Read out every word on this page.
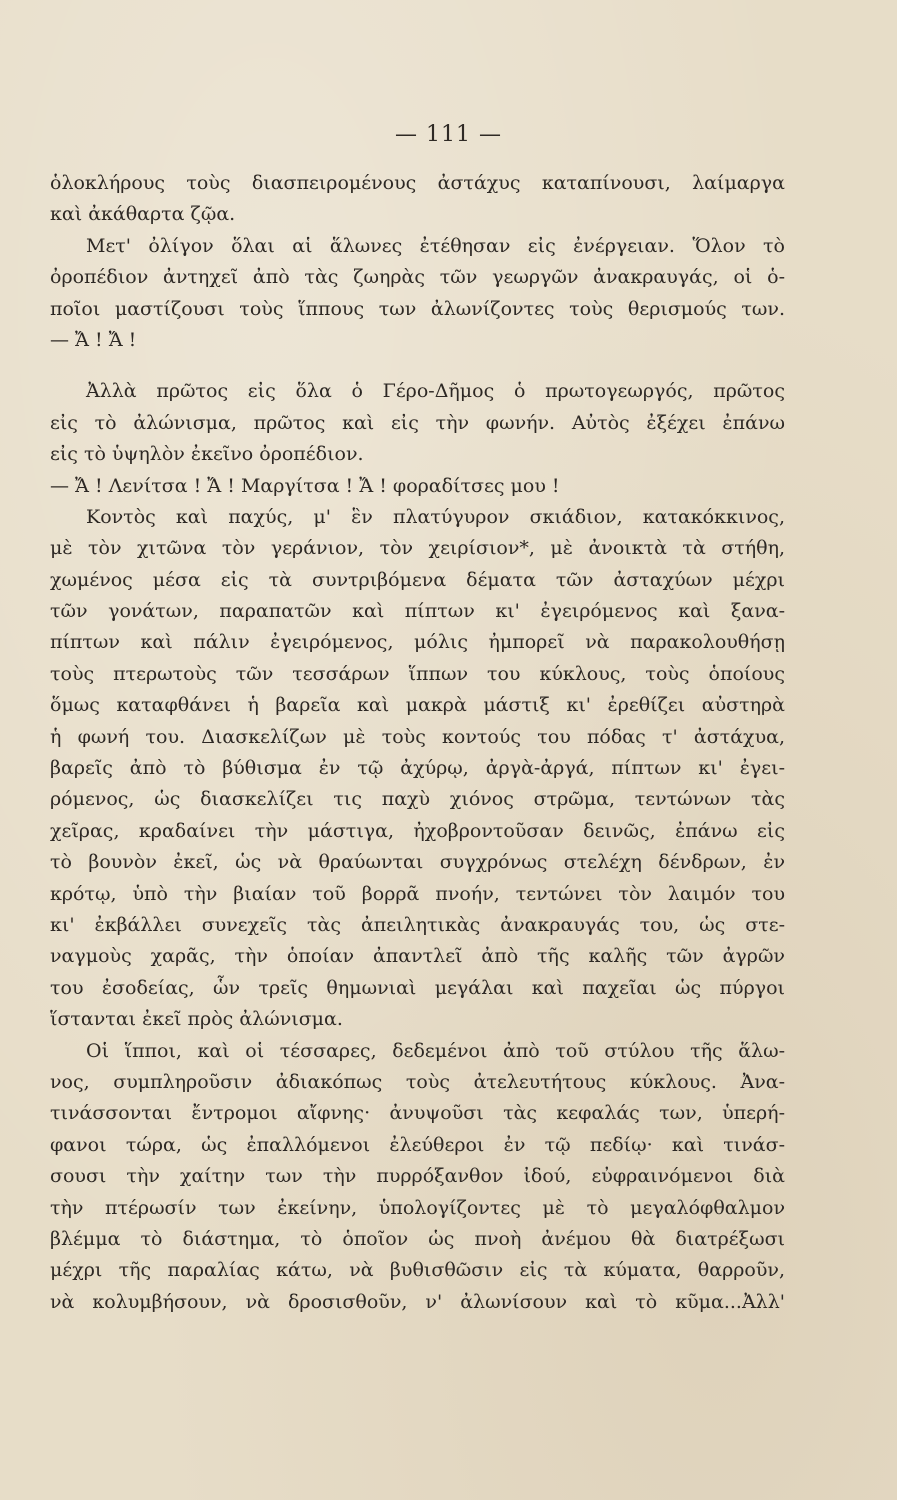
— 111 —
ὁλοκλήρους τοὺς διασπειρομένους ἀστάχυς καταπίνουσι, λαίμαργα
καὶ ἀκάθαρτα ζῷα.
Μετ' ὀλίγον ὅλαι αἱ ἅλωνες ἐτέθησαν εἰς ἐνέργειαν. Ὅλον τὸ
ὀροπέδιον ἀντηχεῖ ἀπὸ τὰς ζωηρὰς τῶν γεωργῶν ἀνακραυγάς, οἱ ὁ-
ποῖοι μαστίζουσι τοὺς ἵππους των ἀλωνίζοντες τοὺς θερισμούς των.
— Ἄ ! Ἄ !
Ἀλλὰ πρῶτος εἰς ὅλα ὁ Γέρο-Δῆμος ὁ πρωτογεωργός, πρῶτος
εἰς τὸ ἀλώνισμα, πρῶτος καὶ εἰς τὴν φωνήν. Αὐτὸς ἐξέχει ἐπάνω
εἰς τὸ ὑψηλὸν ἐκεῖνο ὀροπέδιον.
— Ἄ ! Λενίτσα ! Ἄ ! Μαργίτσα ! Ἄ ! φοραδίτσες μου !
Κοντὸς καὶ παχύς, μ' ἓν πλατύγυρον σκιάδιον, κατακόκκινος,
μὲ τὸν χιτῶνα τὸν γεράνιον, τὸν χειρίσιον*, μὲ ἀνοικτὰ τὰ στήθη,
χωμένος μέσα εἰς τὰ συντριβόμενα δέματα τῶν ἀσταχύων μέχρι
τῶν γονάτων, παραπατῶν καὶ πίπτων κι' ἐγειρόμενος καὶ ξανα-
πίπτων καὶ πάλιν ἐγειρόμενος, μόλις ἠμπορεῖ νὰ παρακολουθήσῃ
τοὺς πτερωτοὺς τῶν τεσσάρων ἵππων του κύκλους, τοὺς ὁποίους
ὅμως καταφθάνει ἡ βαρεῖα καὶ μακρὰ μάστιξ κι' ἐρεθίζει αὐστηρὰ
ἡ φωνή του. Διασκελίζων μὲ τοὺς κοντούς του πόδας τ' ἀστάχυα,
βαρεῖς ἀπὸ τὸ βύθισμα ἐν τῷ ἀχύρῳ, ἀργὰ-ἀργά, πίπτων κι' ἐγει-
ρόμενος, ὡς διασκελίζει τις παχὺ χιόνος στρῶμα, τεντώνων τὰς
χεῖρας, κραδαίνει τὴν μάστιγα, ἠχοβροντοῦσαν δεινῶς, ἐπάνω εἰς
τὸ βουνὸν ἐκεῖ, ὡς νὰ θραύωνται συγχρόνως στελέχη δένδρων, ἐν
κρότῳ, ὑπὸ τὴν βιαίαν τοῦ βορρᾶ πνοήν, τεντώνει τὸν λαιμόν του
κι' ἐκβάλλει συνεχεῖς τὰς ἀπειλητικὰς ἀνακραυγάς του, ὡς στε-
ναγμοὺς χαρᾶς, τὴν ὁποίαν ἀπαντλεῖ ἀπὸ τῆς καλῆς τῶν ἀγρῶν
του ἐσοδείας, ὧν τρεῖς θημωνιαὶ μεγάλαι καὶ παχεῖαι ὡς πύργοι
ἵστανται ἐκεῖ πρὸς ἀλώνισμα.
Οἱ ἵπποι, καὶ οἱ τέσσαρες, δεδεμένοι ἀπὸ τοῦ στύλου τῆς ἅλω-
νος, συμπληροῦσιν ἀδιακόπως τοὺς ἀτελευτήτους κύκλους. Ἀνα-
τινάσσονται ἔντρομοι αἴφνης· ἀνυψοῦσι τὰς κεφαλάς των, ὑπερή-
φανοι τώρα, ὡς ἐπαλλόμενοι ἐλεύθεροι ἐν τῷ πεδίῳ· καὶ τινάσ-
σουσι τὴν χαίτην των τὴν πυρρόξανθον ἰδού, εὐφραινόμενοι διὰ
τὴν πτέρωσίν των ἐκείνην, ὑπολογίζοντες μὲ τὸ μεγαλόφθαλμον
βλέμμα τὸ διάστημα, τὸ ὁποῖον ὡς πνοὴ ἀνέμου θὰ διατρέξωσι
μέχρι τῆς παραλίας κάτω, νὰ βυθισθῶσιν εἰς τὰ κύματα, θαρροῦν,
νὰ κολυμβήσουν, νὰ δροσισθοῦν, ν' ἀλωνίσουν καὶ τὸ κῦμα...Ἀλλ'
